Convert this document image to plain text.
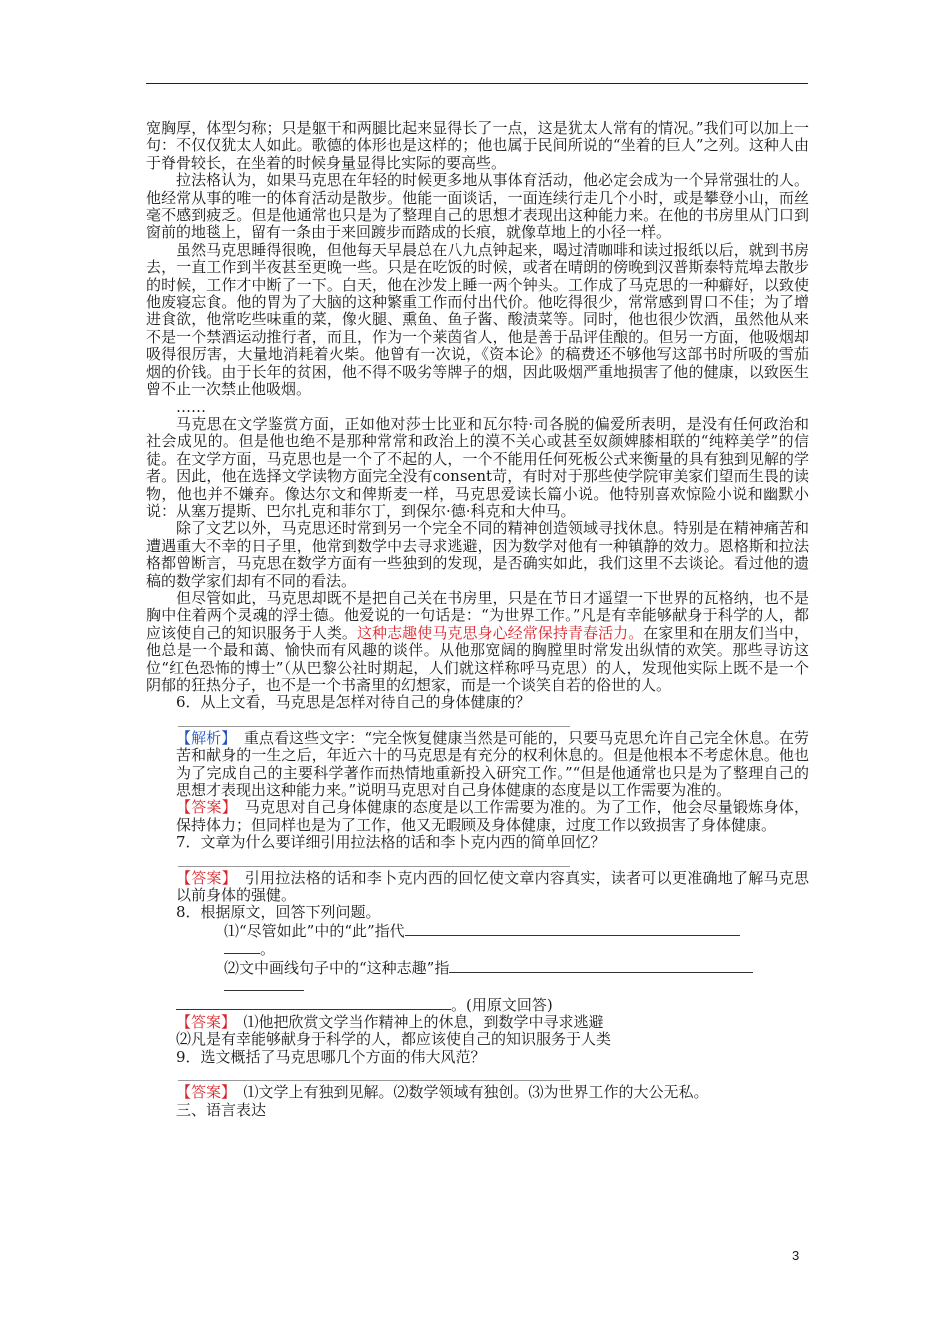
宽胸厚，体型匀称；只是躯干和两腿比起来显得长了一点，这是犹太人常有的情况。”我们可以加上一句：不仅仅犹太人如此。歌德的体形也是这样的；他也属于民间所说的“坐着的巨人”之列。这种人由于脊骨较长，在坐着的时候身量显得比实际的要高些。

拉法格认为，如果马克思在年轻的时候更多地从事体育活动，他必定会成为一个异常强壮的人。他经常从事的唯一的体育活动是散步。他能一面谈话，一面连续行走几个小时，或是攀登小山，而丝毫不感到疲乏。但是他通常也只是为了整理自己的思想才表现出这种能力来。在他的书房里从门口到窗前的地毯上，留有一条由于来回踱步而踏成的长痕，就像草地上的小径一样。

虽然马克思睡得很晚，但他每天早晨总在八九点钟起来，喝过清咖啡和读过报纸以后，就到书房去，一直工作到半夜甚至更晚一些。只是在吃饭的时候，或者在晴朗的傍晚到汉普斯泰特荒埠去散步的时候，工作才中断了一下。白天，他在沙发上睡一两个钟头。工作成了马克思的一种癖好，以致使他废寝忘食。他的胃为了大脑的这种繁重工作而付出代价。他吃得很少，常常感到胃口不佳；为了增进食欲，他常吃些味重的菜，像火腿、熏鱼、鱼子酱、酸渍菜等。同时，他也很少饮酒，虽然他从来不是一个禁酒运动推行者，而且，作为一个莱茵省人，他是善于品评佳酿的。但另一方面，他吸烟却吸得很厉害，大量地消耗着火柴。他曾有一次说，《资本论》的稿费还不够他写这部书时所吸的雪茄烟的价钱。由于长年的贫困，他不得不吸劣等牌子的烟，因此吸烟严重地损害了他的健康，以致医生曾不止一次禁止他吸烟。

……

马克思在文学鉴赏方面，正如他对莎士比亚和瓦尔特·司各脱的偏爱所表明，是没有任何政治和社会成见的。但是他也绝不是那种常常和政治上的漠不关心或甚至奴颜婢膝相联的“纯粹美学”的信徒。在文学方面，马克思也是一个了不起的人，一个不能用任何死板公式来衡量的具有独到见解的学者。因此，他在选择文学读物方面完全没有consent苛，有时对于那些使学院审美家们望而生畏的读物，他也并不嫌弃。像达尔文和俾斯麦一样，马克思爱读长篇小说。他特别喜欢惊险小说和幽默小说：从塞万提斯、巴尔扎克和菲尔丁，到保尔·德·科克和大仲马。

除了文艺以外，马克思还时常到另一个完全不同的精神创造领域寻找休息。特别是在精神痛苦和遭遇重大不幸的日子里，他常到数学中去寻求逃避，因为数学对他有一种镇静的效力。恩格斯和拉法格都曾断言，马克思在数学方面有一些独到的发现，是否确实如此，我们这里不去谈论。看过他的遗稿的数学家们却有不同的看法。

但尽管如此，马克思却既不是把自己关在书房里，只是在节日才遥望一下世界的瓦格纳，也不是胸中住着两个灵魂的浮士德。他爱说的一句话是：“为世界工作。”凡是有幸能够献身于科学的人，都应该使自己的知识服务于人类。这种志趣使马克思身心经常保持青春活力。在家里和在朋友们当中，他总是一个最和蔼、愉快而有风趣的谈伴。从他那宽阔的胸膛里时常发出纵情的欢笑。那些寻访这位“红色恐怖的博士”（从巴黎公社时期起，人们就这样称呼马克思）的人，发现他实际上既不是一个阴郁的狂热分子，也不是一个书斋里的幻想家，而是一个谈笑自若的俗世的人。

6．从上文看，马克思是怎样对待自己的身体健康的？

【解析】　 重点看这些文字：“完全恢复健康当然是可能的，只要马克思允许自己完全休息。在劳苦和献身的一生之后，年近六十的马克思是有充分的权利休息的。但是他根本不考虑休息。他也为了完成自己的主要科学著作而热情地重新投入研究工作。”“但是他通常也只是为了整理自己的思想才表现出这种能力来。”说明马克思对自己身体健康的态度是以工作需要为准的。

【答案】　 马克思对自己身体健康的态度是以工作需要为准的。为了工作，他会尽量锻炼身体，保持体力；但同样也是为了工作，他又无暇顾及身体健康，过度工作以致损害了身体健康。

7．文章为什么要详细引用拉法格的话和李卜克内西的简单回忆？

【答案】　 引用拉法格的话和李卜克内西的回忆使文章内容真实，读者可以更准确地了解马克思以前身体的强健。

8．根据原文，回答下列问题。

⑴“尽管如此”中的“此”指代

。

⑵文中画线句子中的“这种志趣”指

。(用原文回答)

【答案】　 ⑴他把欣赏文学当作精神上的休息，到数学中寻求逃避

⑵凡是有幸能够献身于科学的人，都应该使自己的知识服务于人类

9．选文概括了马克思哪几个方面的伟大风范？

【答案】　 ⑴文学上有独到见解。⑵数学领域有独创。⑶为世界工作的大公无私。

三、语言表达

3
